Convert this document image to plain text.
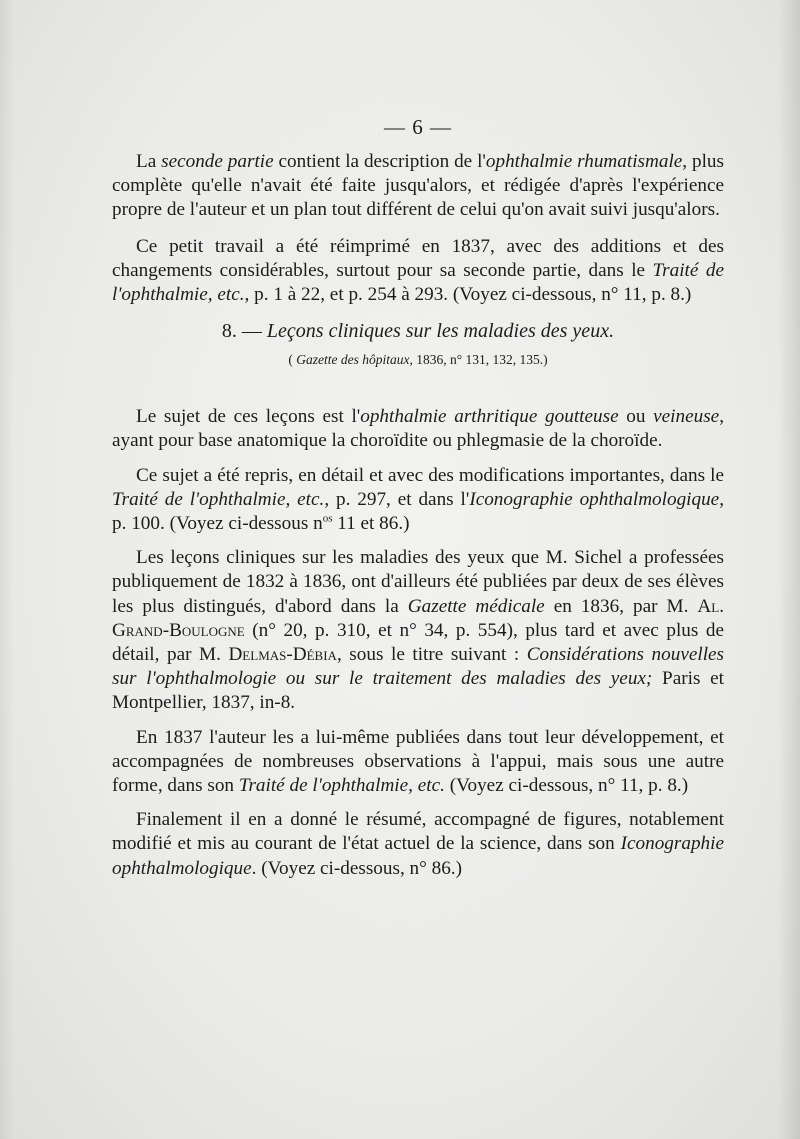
— 6 —

La seconde partie contient la description de l'ophthalmie rhumatismale, plus complète qu'elle n'avait été faite jusqu'alors, et rédigée d'après l'expérience propre de l'auteur et un plan tout différent de celui qu'on avait suivi jusqu'alors.

Ce petit travail a été réimprimé en 1837, avec des additions et des changements considérables, surtout pour sa seconde partie, dans le Traité de l'ophthalmie, etc., p. 1 à 22, et p. 254 à 293. (Voyez ci-dessous, n° 11, p. 8.)

8. — Leçons cliniques sur les maladies des yeux.
( Gazette des hôpitaux, 1836, n° 131, 132, 135.)

Le sujet de ces leçons est l'ophthalmie arthritique goutteuse ou veineuse, ayant pour base anatomique la choroïdite ou phlegmasie de la choroïde.

Ce sujet a été repris, en détail et avec des modifications importantes, dans le Traité de l'ophthalmie, etc., p. 297, et dans l'Iconographie ophthalmologique, p. 100. (Voyez ci-dessous $n^{os}$ 11 et 86.)

Les leçons cliniques sur les maladies des yeux que M. Sichel a professées publiquement de 1832 à 1836, ont d'ailleurs été publiées par deux de ses élèves les plus distingués, d'abord dans la Gazette médicale en 1836, par M. Al. Grand-Boulogne (n° 20, p. 310, et n° 34, p. 554), plus tard et avec plus de détail, par M. Delmas-Débia, sous le titre suivant : Considérations nouvelles sur l'ophthalmologie ou sur le traitement des maladies des yeux; Paris et Montpellier, 1837, in-8.

En 1837 l'auteur les a lui-même publiées dans tout leur développement, et accompagnées de nombreuses observations à l'appui, mais sous une autre forme, dans son Traité de l'ophthalmie, etc. (Voyez ci-dessous, n° 11, p. 8.)

Finalement il en a donné le résumé, accompagné de figures, notablement modifié et mis au courant de l'état actuel de la science, dans son Iconographie ophthalmologique. (Voyez ci-dessous, n° 86.)
